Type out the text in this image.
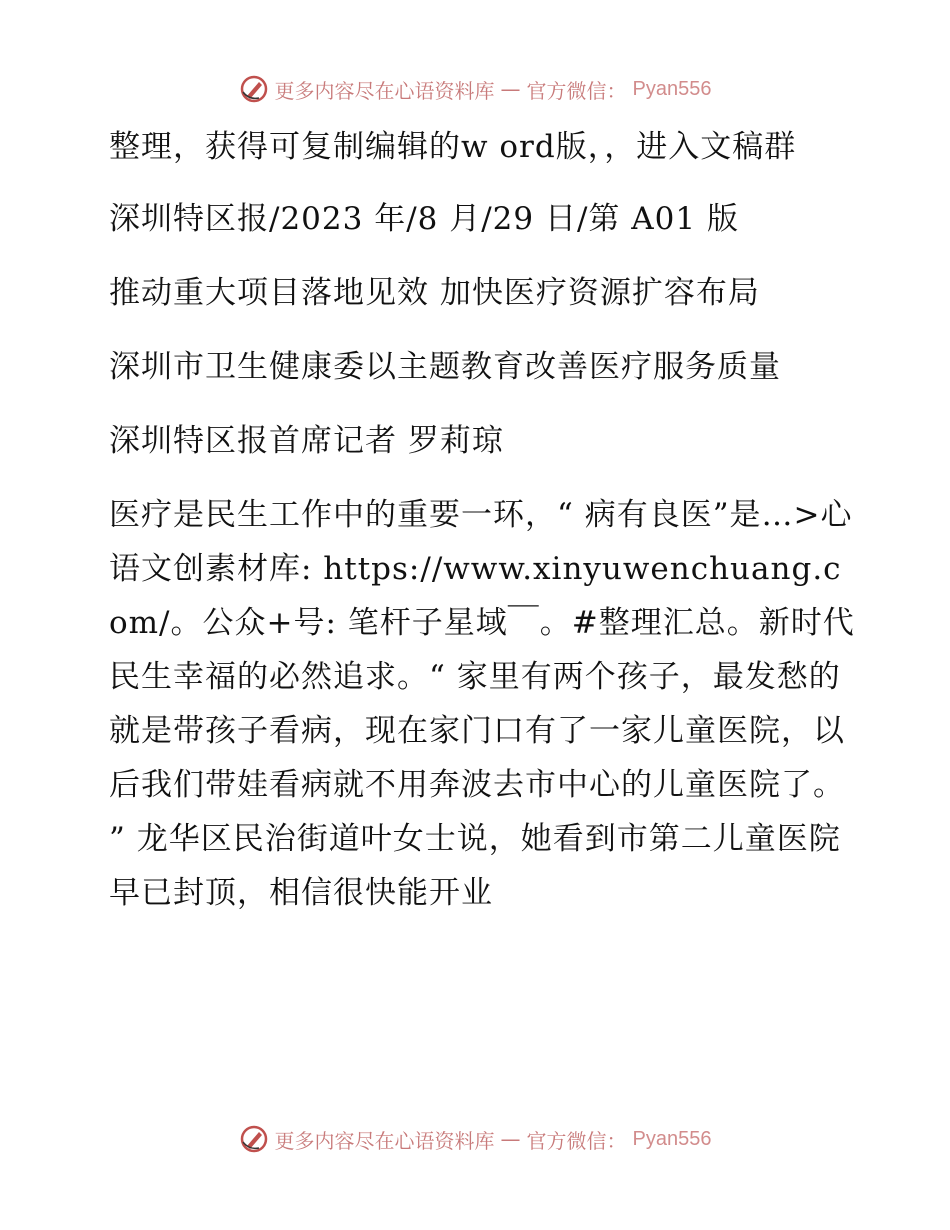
更多内容尽在心语资料库 — 官方微信： Pyan556

整理，获得可复制编辑的w ord版，，进入文稿群

深圳特区报/2023 年/8 月/29 日/第 A01 版

推动重大项目落地见效 加快医疗资源扩容布局

深圳市卫生健康委以主题教育改善医疗服务质量

深圳特区报首席记者 罗莉琼

医疗是民生工作中的重要一环，“ 病有良医”是…>心语文创素材库: https://www.xinyuwenchuang.com/。公众+号: 笔杆子星域￣。#整理汇总。新时代民生幸福的必然追求。“ 家里有两个孩子，最发愁的就是带孩子看病，现在家门口有了一家儿童医院，以后我们带娃看病就不用奔波去市中心的儿童医院了。 ” 龙华区民治街道叶女士说，她看到市第二儿童医院早已封顶，相信很快能开业

更多内容尽在心语资料库 — 官方微信： Pyan556
